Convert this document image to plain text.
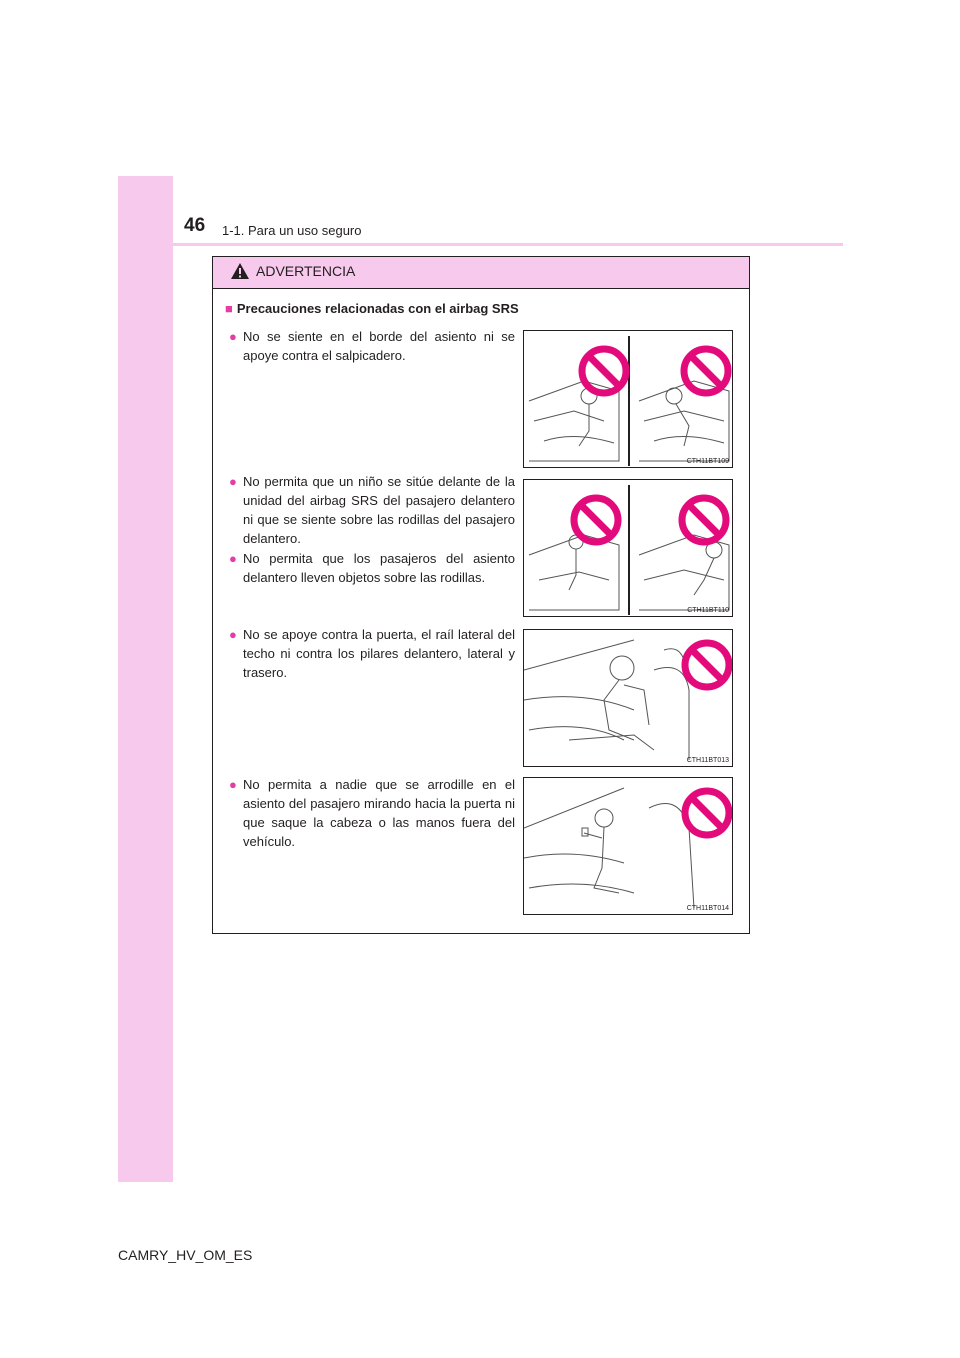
46 1-1. Para un uso seguro
ADVERTENCIA
■ Precauciones relacionadas con el airbag SRS
● No se siente en el borde del asiento ni se apoye contra el salpicadero.
● No permita que un niño se sitúe delante de la unidad del airbag SRS del pasajero delantero ni que se siente sobre las rodillas del pasajero delantero.
● No permita que los pasajeros del asiento delantero lleven objetos sobre las rodillas.
● No se apoye contra la puerta, el raíl lateral del techo ni contra los pilares delantero, lateral y trasero.
● No permita a nadie que se arrodille en el asiento del pasajero mirando hacia la puerta ni que saque la cabeza o las manos fuera del vehículo.
CTH11BT109
CTH11BT110
CTH11BT013
CTH11BT014
CAMRY_HV_OM_ES
